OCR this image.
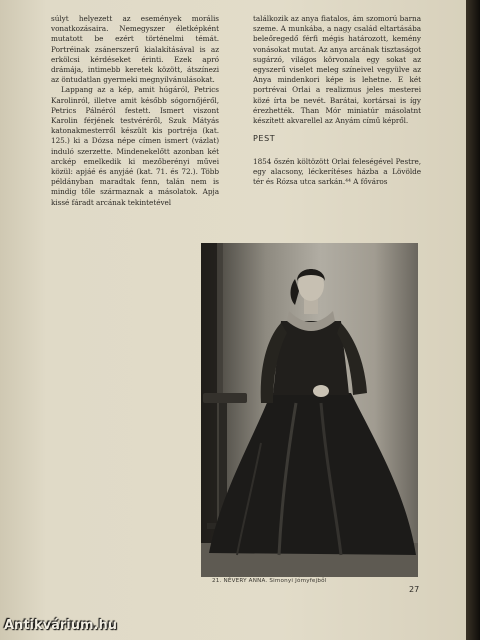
súlyt helyezett az események morális vonatkozásaira. Nemegyszer életképként mutatott be ezért történelmi témát. Portréinak zsánerszerű kialakításával is az erkölcsi kérdéseket érinti. Ezek apró drámája, intimebb keretek között, átszínezi az öntudatlan gyermeki megnyilvánulásokat.

Lappang az a kép, amit húgáról, Petrics Karolinról, illetve amit később sógornőjéről, Petrics Pálnéról festett. Ismert viszont Karolin férjének testvéréről, Szuk Mátyás katonakmesterről készült kis portréja (kat. 125.) ki a Dózsa népe címen ismert (vázlat) induló szerzette. Mindenekelőtt azonban két arckép emelkedik ki mezőberényi művei közül: apjáé és anyjáé (kat. 71. és 72.). Több példányban maradtak fenn, talán nem is mindig tőle származnak a másolatok. Apja kissé fáradt arcának tekintetével

találkozik az anya fiatalos, ám szomorú barna szeme. A munkába, a nagy család eltartásába beleőregedő férfi mégis határozott, kemény vonásokat mutat. Az anya arcának tisztaságot sugárzó, világos körvonala egy sokat az egyszerű viselet meleg színeivel vegyülve az Anya mindenkori képe is lehetne. E két portrévai Orlai a realizmus jeles mesterei közé írta be nevét. Barátai, kortársai is így érezhették. Than Mór miniatúr másolatnt készített akvarellel az Anyám című képről.

PEST

1854 őszén költözött Orlai feleségével Pestre, egy alacsony, léckerítéses házba a Lövölde tér és Rózsa utca sarkán.⁴⁴ A főváros

21. NÉVERY ANNA. Simonyi Jómyfejből
27
Antikvárium.hu
